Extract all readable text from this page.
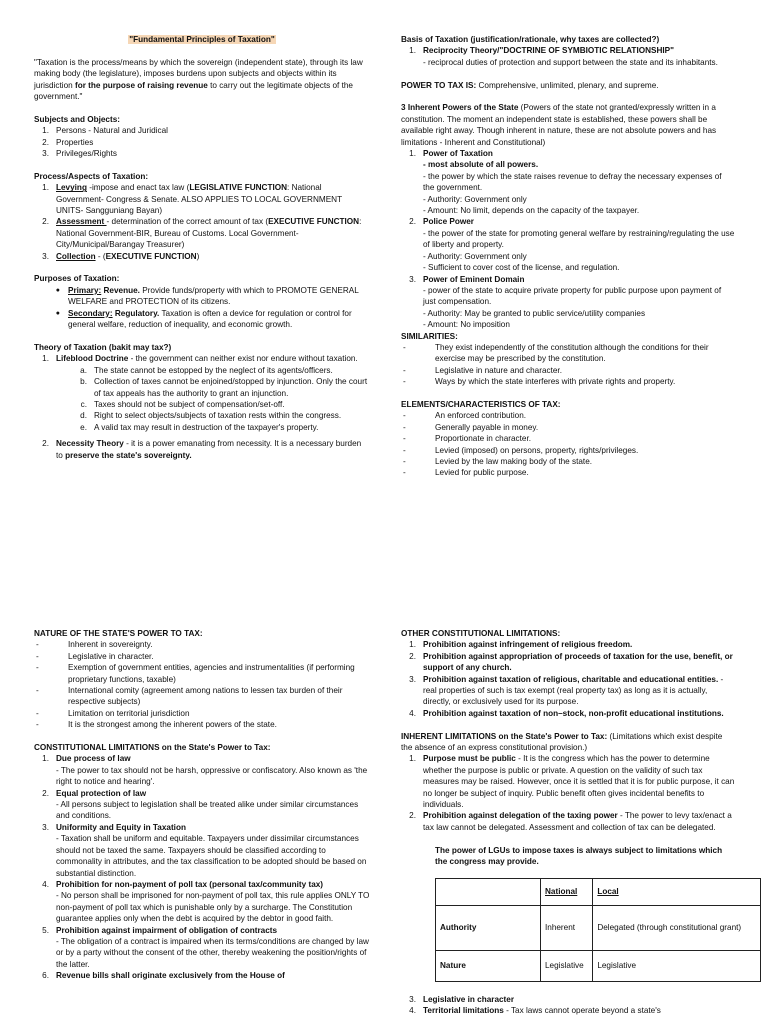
"Fundamental Principles of Taxation"

"Taxation is the process/means by which the sovereign (independent state), through its law making body (the legislature), imposes burdens upon subjects and objects within its jurisdiction for the purpose of raising revenue to carry out the legitimate objects of the government."

Subjects and Objects:

1. Persons - Natural and Juridical
2. Properties
3. Privileges/Rights

Process/Aspects of Taxation:

1. Levying -impose and enact tax law (LEGISLATIVE FUNCTION: National Government- Congress & Senate. ALSO APPLIES TO LOCAL GOVERNMENT UNITS- Sangguniang Bayan)
2. Assessment - determination of the correct amount of tax (EXECUTIVE FUNCTION: National Government-BIR, Bureau of Customs. Local Government- City/Municipal/Barangay Treasurer)
3. Collection - (EXECUTIVE FUNCTION)

Purposes of Taxation:

● Primary: Revenue. Provide funds/property with which to PROMOTE GENERAL WELFARE and PROTECTION of its citizens.
● Secondary: Regulatory. Taxation is often a device for regulation or control for general welfare, reduction of inequality, and economic growth.

Theory of Taxation (bakit may tax?)

1. Lifeblood Doctrine - the government can neither exist nor endure without taxation.
a. The state cannot be estopped by the neglect of its agents/officers.
b. Collection of taxes cannot be enjoined/stopped by injunction. Only the court of tax appeals has the authority to grant an injunction.
c. Taxes should not be subject of compensation/set-off.
d. Right to select objects/subjects of taxation rests within the congress.
e. A valid tax may result in destruction of the taxpayer's property.
2. Necessity Theory - it is a power emanating from necessity. It is a necessary burden to preserve the state's sovereignty.

Basis of Taxation (justification/rationale, why taxes are collected?)

1. Reciprocity Theory/"DOCTRINE OF SYMBIOTIC RELATIONSHIP"
- reciprocal duties of protection and support between the state and its inhabitants.

POWER TO TAX IS: Comprehensive, unlimited, plenary, and supreme.

3 Inherent Powers of the State (Powers of the state not granted/expressly written in a constitution. The moment an independent state is established, these powers shall be available right away. Though inherent in nature, these are not absolute powers and has limitations - Inherent and Constitutional)

1. Power of Taxation
- most absolute of all powers.
- the power by which the state raises revenue to defray the necessary expenses of the government.
- Authority: Government only
- Amount: No limit, depends on the capacity of the taxpayer.
2. Police Power
- the power of the state for promoting general welfare by restraining/regulating the use of liberty and property.
- Authority: Government only
- Sufficient to cover cost of the license, and regulation.
3. Power of Eminent Domain
- power of the state to acquire private property for public purpose upon payment of just compensation.
- Authority: May be granted to public service/utility companies
- Amount: No imposition

SIMILARITIES:

-	They exist independently of the constitution although the conditions for their exercise may be prescribed by the constitution.
-	Legislative in nature and character.
-	Ways by which the state interferes with private rights and property.

ELEMENTS/CHARACTERISTICS OF TAX:

-	An enforced contribution.
-	Generally payable in money.
-	Proportionate in character.
-	Levied (imposed) on persons, property, rights/privileges.
-	Levied by the law making body of the state.
-	Levied for public purpose.

NATURE OF THE STATE'S POWER TO TAX:

-	Inherent in sovereignty.
-	Legislative in character.
-	Exemption of government entities, agencies and instrumentalities (if performing proprietary functions, taxable)
-	International comity (agreement among nations to lessen tax burden of their respective subjects)
-	Limitation on territorial jurisdiction
-	It is the strongest among the inherent powers of the state.

CONSTITUTIONAL LIMITATIONS on the State's Power to Tax:

1. Due process of law
- The power to tax should not be harsh, oppressive or confiscatory. Also known as 'the right to notice and hearing'.
2. Equal protection of law
- All persons subject to legislation shall be treated alike under similar circumstances and conditions.
3. Uniformity and Equity in Taxation
- Taxation shall be uniform and equitable. Taxpayers under dissimilar circumstances should not be taxed the same. Taxpayers should be classified according to commonality in attributes, and the tax classification to be adopted should be based on substantial distinction.
4. Prohibition for non-payment of poll tax (personal tax/community tax)
- No person shall be imprisoned for non-payment of poll tax, this rule applies ONLY TO non-payment of poll tax which is punishable only by a surcharge. The Constitution guarantee applies only when the debt is acquired by the debtor in good faith.
5. Prohibition against impairment of obligation of contracts
- The obligation of a contract is impaired when its terms/conditions are changed by law or by a party without the consent of the other, thereby weakening the position/rights of the latter.
6. Revenue bills shall originate exclusively from the House of

OTHER CONSTITUTIONAL LIMITATIONS:

1. Prohibition against infringement of religious freedom.
2. Prohibition against appropriation of proceeds of taxation for the use, benefit, or support of any church.
3. Prohibition against taxation of religious, charitable and educational entities. - real properties of such is tax exempt (real property tax) as long as it is actually, directly, or exclusively used for its purpose.
4. Prohibition against taxation of non–stock, non-profit educational institutions.

INHERENT LIMITATIONS on the State's Power to Tax: (Limitations which exist despite the absence of an express constitutional provision.)

1. Purpose must be public - It is the congress which has the power to determine whether the purpose is public or private. A question on the validity of such tax measures may be raised. However, once it is settled that it is for public purpose, it can no longer be subject of inquiry. Public benefit often gives incidental benefits to individuals.
2. Prohibition against delegation of the taxing power - The power to levy tax/enact a tax law cannot be delegated. Assessment and collection of tax can be delegated.

The power of LGUs to impose taxes is always subject to limitations which the congress may provide.

	National	Local
Authority	Inherent	Delegated (through constitutional grant)
Nature	Legislative	Legislative
3. Legislative in character
4. Territorial limitations - Tax laws cannot operate beyond a state's
